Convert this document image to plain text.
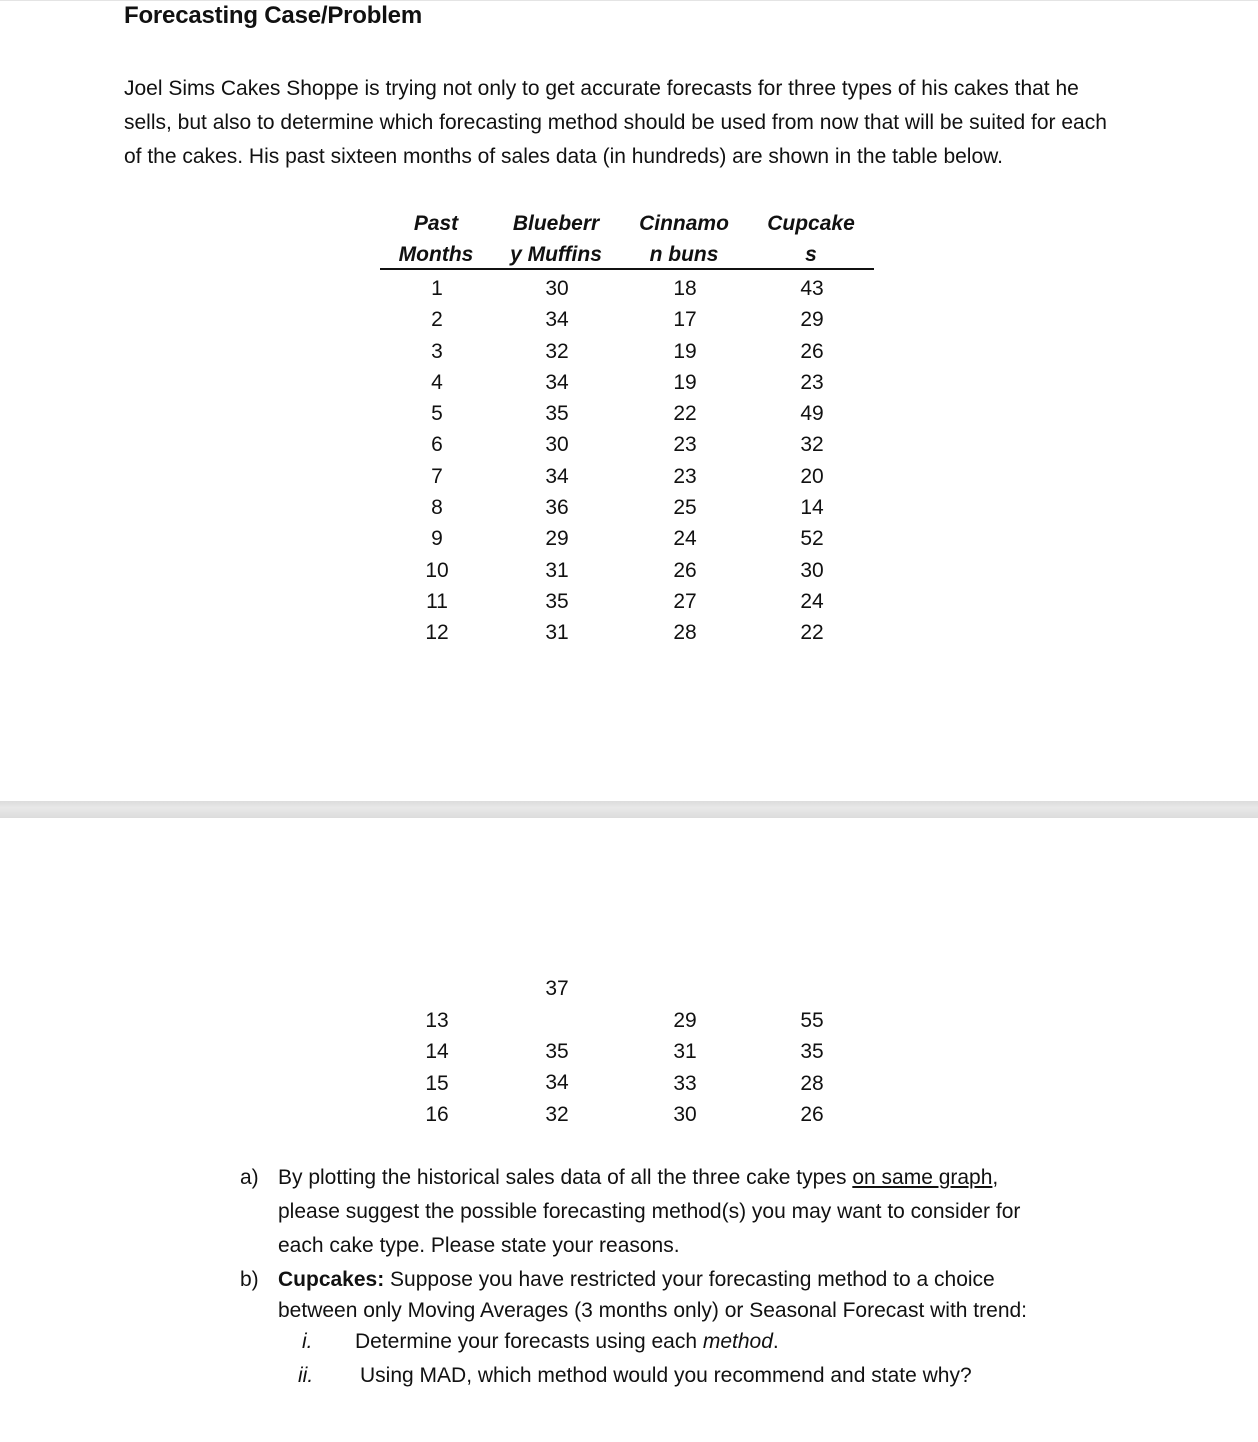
Forecasting Case/Problem

Joel Sims Cakes Shoppe is trying not only to get accurate forecasts for three types of his cakes that he sells, but also to determine which forecasting method should be used from now that will be suited for each of the cakes. His past sixteen months of sales data (in hundreds) are shown in the table below.

Past
Months
Blueberr
y Muffins
Cinnamo
n buns
Cupcake
s
1
2
3
4
5
6
7
8
9
10
11
12
30
34
32
34
35
30
34
36
29
31
35
31
18
17
19
19
22
23
23
25
24
26
27
28
43
29
26
23
49
32
20
14
52
30
24
22
37
13
14
15
16
35
34
32
29
31
33
30
55
35
28
26
a) By plotting the historical sales data of all the three cake types on same graph,
please suggest the possible forecasting method(s) you may want to consider for
each cake type. Please state your reasons.
b) Cupcakes: Suppose you have restricted your forecasting method to a choice
between only Moving Averages (3 months only) or Seasonal Forecast with trend:
i. Determine your forecasts using each method.
ii. Using MAD, which method would you recommend and state why?
